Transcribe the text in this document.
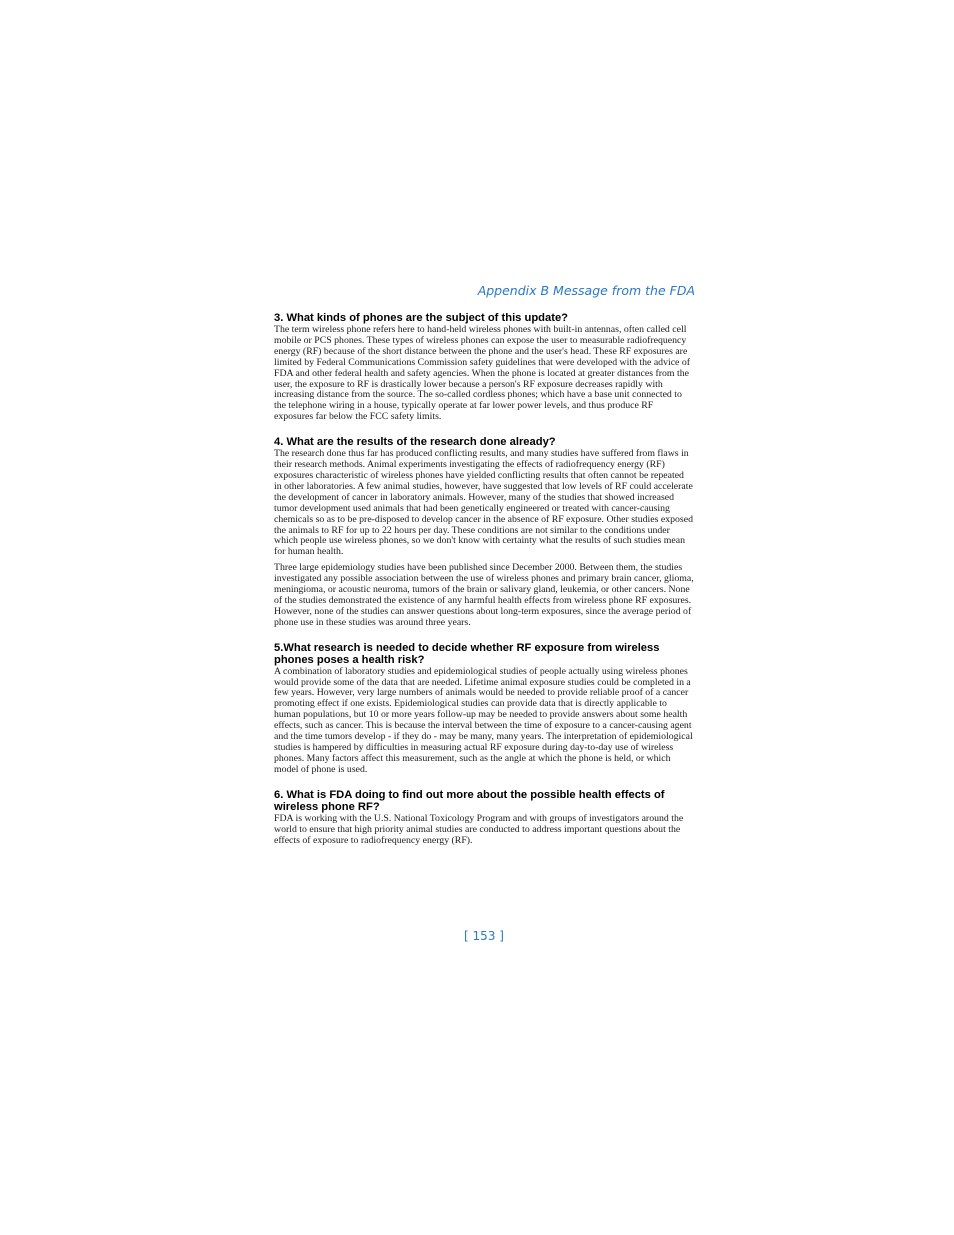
Appendix B Message from the FDA
3. What kinds of phones are the subject of this update?

The term wireless phone refers here to hand-held wireless phones with built-in antennas, often called cell mobile or PCS phones. These types of wireless phones can expose the user to measurable radiofrequency energy (RF) because of the short distance between the phone and the user's head. These RF exposures are limited by Federal Communications Commission safety guidelines that were developed with the advice of FDA and other federal health and safety agencies. When the phone is located at greater distances from the user, the exposure to RF is drastically lower because a person's RF exposure decreases rapidly with increasing distance from the source. The so-called cordless phones; which have a base unit connected to the telephone wiring in a house, typically operate at far lower power levels, and thus produce RF exposures far below the FCC safety limits.

4. What are the results of the research done already?

The research done thus far has produced conflicting results, and many studies have suffered from flaws in their research methods. Animal experiments investigating the effects of radiofrequency energy (RF) exposures characteristic of wireless phones have yielded conflicting results that often cannot be repeated in other laboratories. A few animal studies, however, have suggested that low levels of RF could accelerate the development of cancer in laboratory animals. However, many of the studies that showed increased tumor development used animals that had been genetically engineered or treated with cancer-causing chemicals so as to be pre-disposed to develop cancer in the absence of RF exposure. Other studies exposed the animals to RF for up to 22 hours per day. These conditions are not similar to the conditions under which people use wireless phones, so we don't know with certainty what the results of such studies mean for human health.

Three large epidemiology studies have been published since December 2000. Between them, the studies investigated any possible association between the use of wireless phones and primary brain cancer, glioma, meningioma, or acoustic neuroma, tumors of the brain or salivary gland, leukemia, or other cancers. None of the studies demonstrated the existence of any harmful health effects from wireless phone RF exposures. However, none of the studies can answer questions about long-term exposures, since the average period of phone use in these studies was around three years.

5.What research is needed to decide whether RF exposure from wireless phones poses a health risk?

A combination of laboratory studies and epidemiological studies of people actually using wireless phones would provide some of the data that are needed. Lifetime animal exposure studies could be completed in a few years. However, very large numbers of animals would be needed to provide reliable proof of a cancer promoting effect if one exists. Epidemiological studies can provide data that is directly applicable to human populations, but 10 or more years follow-up may be needed to provide answers about some health effects, such as cancer. This is because the interval between the time of exposure to a cancer-causing agent and the time tumors develop - if they do - may be many, many years. The interpretation of epidemiological studies is hampered by difficulties in measuring actual RF exposure during day-to-day use of wireless phones. Many factors affect this measurement, such as the angle at which the phone is held, or which model of phone is used.

6. What is FDA doing to find out more about the possible health effects of wireless phone RF?

FDA is working with the U.S. National Toxicology Program and with groups of investigators around the world to ensure that high priority animal studies are conducted to address important questions about the effects of exposure to radiofrequency energy (RF).

[ 153 ]
